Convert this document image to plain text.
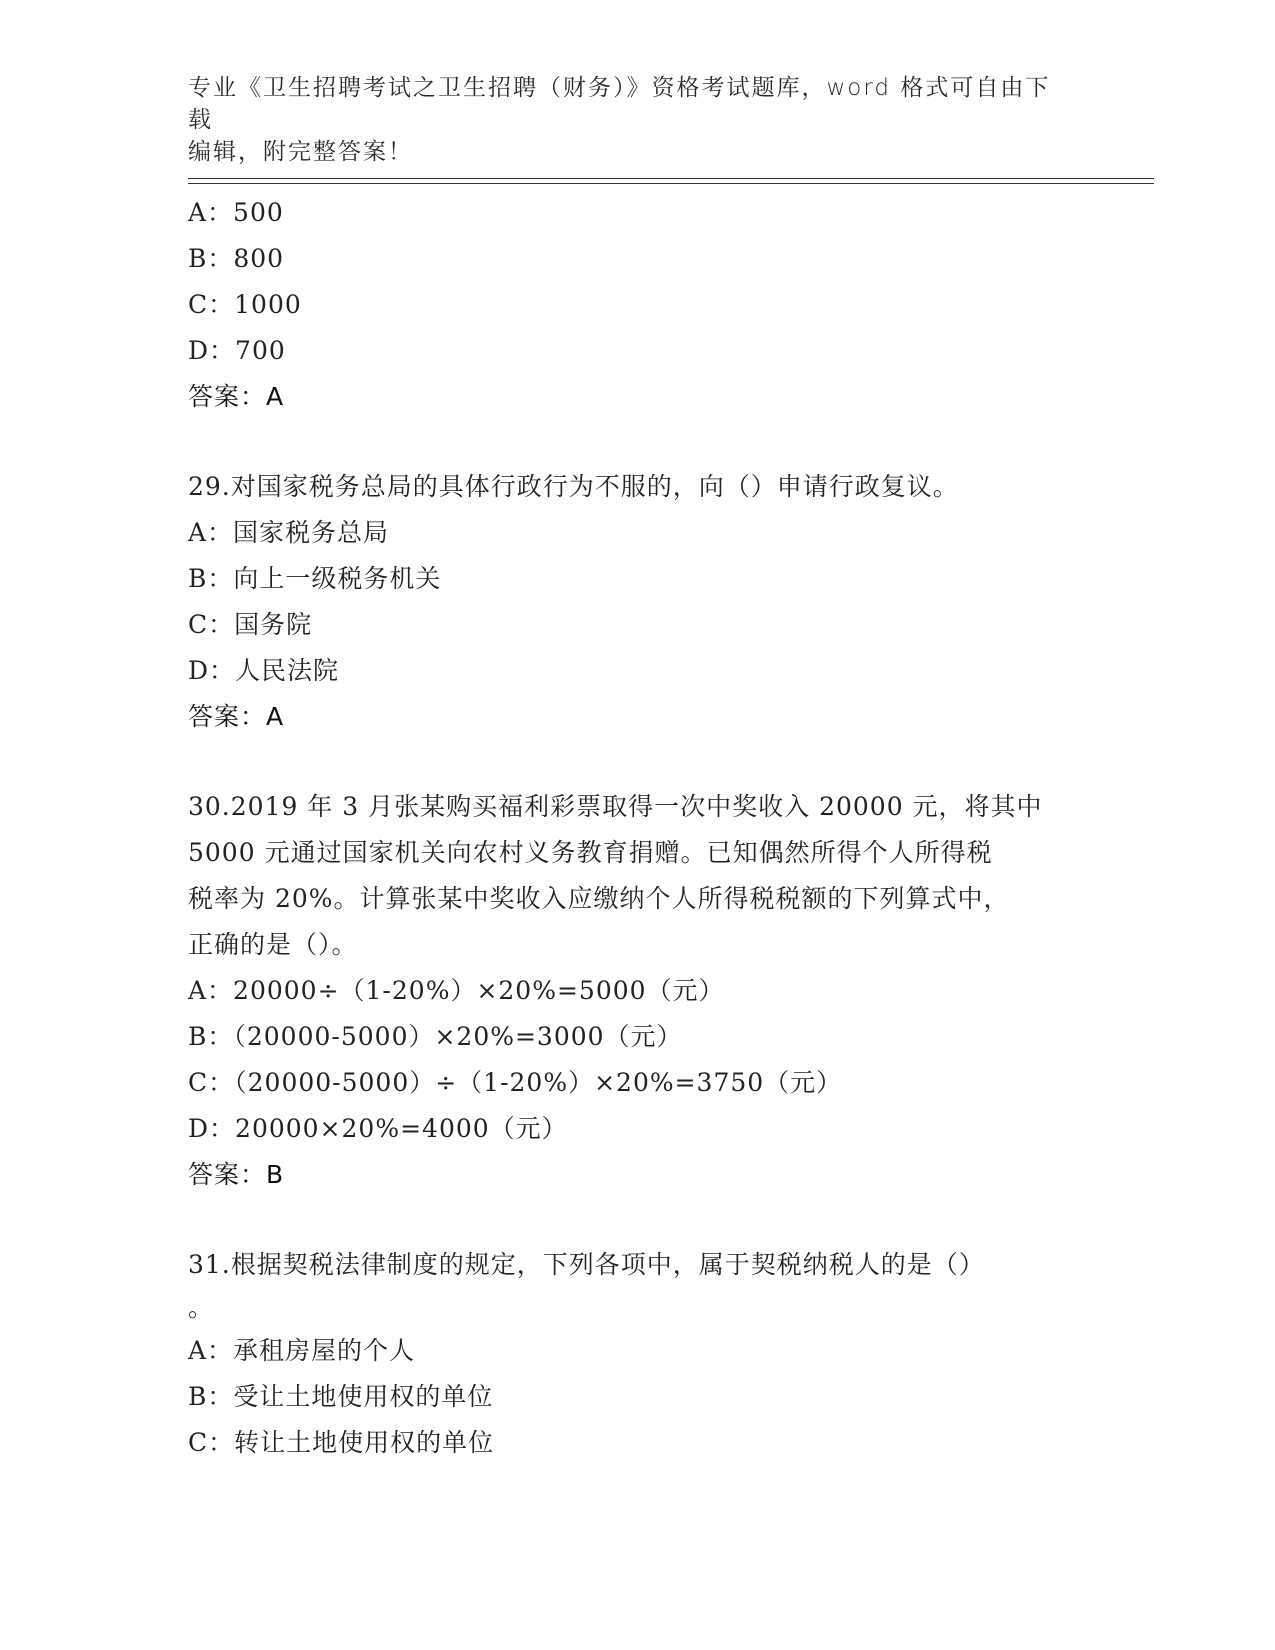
专业《卫生招聘考试之卫生招聘（财务）》资格考试题库，word 格式可自由下载
编辑，附完整答案！
A：500
B：800
C：1000
D：700
答案：A
29.对国家税务总局的具体行政行为不服的，向（）申请行政复议。
A：国家税务总局
B：向上一级税务机关
C：国务院
D：人民法院
答案：A
30.2019 年 3 月张某购买福利彩票取得一次中奖收入 20000 元，将其中
5000 元通过国家机关向农村义务教育捐赠。已知偶然所得个人所得税
税率为 20%。计算张某中奖收入应缴纳个人所得税税额的下列算式中，
正确的是（）。
A：20000÷（1-20%）×20%=5000（元）
B：（20000-5000）×20%=3000（元）
C：（20000-5000）÷（1-20%）×20%=3750（元）
D：20000×20%=4000（元）
答案：B
31.根据契税法律制度的规定，下列各项中，属于契税纳税人的是（）
。
A：承租房屋的个人
B：受让土地使用权的单位
C：转让土地使用权的单位
